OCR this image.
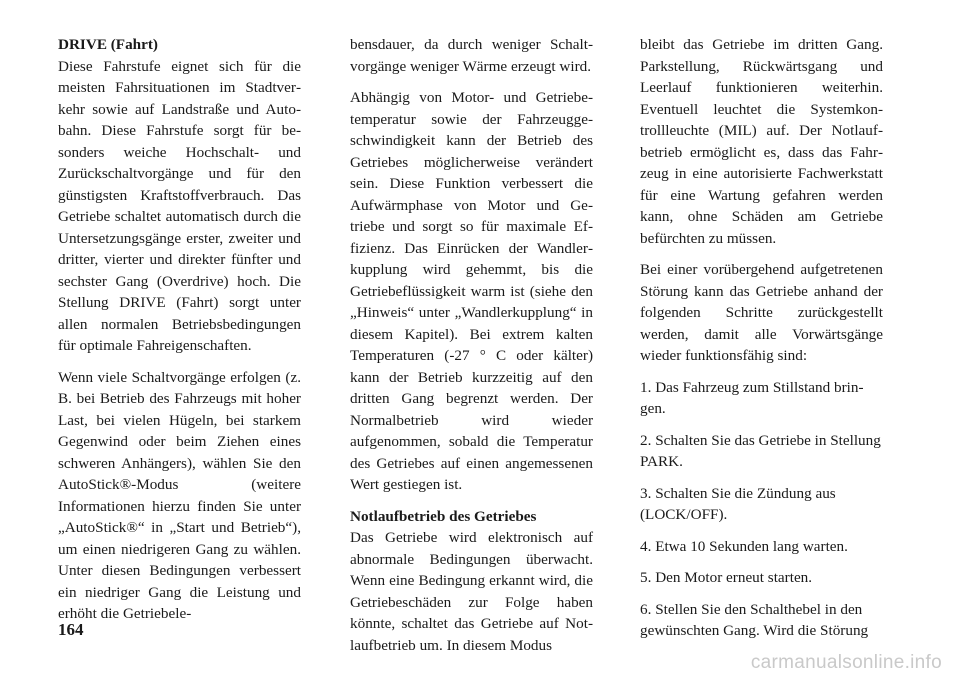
DRIVE (Fahrt)
Diese Fahrstufe eignet sich für die meisten Fahrsituationen im Stadtverkehr sowie auf Landstraße und Autobahn. Diese Fahrstufe sorgt für besonders weiche Hochschalt- und Zurückschaltvorgänge und für den günstigsten Kraftstoffverbrauch. Das Getriebe schaltet automatisch durch die Untersetzungsgänge erster, zweiter und dritter, vierter und direkter fünfter und sechster Gang (Overdrive) hoch. Die Stellung DRIVE (Fahrt) sorgt unter allen normalen Betriebsbedingungen für optimale Fahreigenschaften.

Wenn viele Schaltvorgänge erfolgen (z. B. bei Betrieb des Fahrzeugs mit hoher Last, bei vielen Hügeln, bei starkem Gegenwind oder beim Ziehen eines schweren Anhängers), wählen Sie den AutoStick®-Modus (weitere Informationen hierzu finden Sie unter „AutoStick®“ in „Start und Betrieb“), um einen niedrigeren Gang zu wählen. Unter diesen Bedingungen verbessert ein niedriger Gang die Leistung und erhöht die Getriebele-

bensdauer, da durch weniger Schaltvorgänge weniger Wärme erzeugt wird.

Abhängig von Motor- und Getriebetemperatur sowie der Fahrzeuggeschwindigkeit kann der Betrieb des Getriebes möglicherweise verändert sein. Diese Funktion verbessert die Aufwärmphase von Motor und Getriebe und sorgt so für maximale Effizienz. Das Einrücken der Wandlerkupplung wird gehemmt, bis die Getriebeflüssigkeit warm ist (siehe den „Hinweis“ unter „Wandlerkupplung“ in diesem Kapitel). Bei extrem kalten Temperaturen (-27 ° C oder kälter) kann der Betrieb kurzzeitig auf den dritten Gang begrenzt werden. Der Normalbetrieb wird wieder aufgenommen, sobald die Temperatur des Getriebes auf einen angemessenen Wert gestiegen ist.

Notlaufbetrieb des Getriebes
Das Getriebe wird elektronisch auf abnormale Bedingungen überwacht. Wenn eine Bedingung erkannt wird, die Getriebeschäden zur Folge haben könnte, schaltet das Getriebe auf Notlaufbetrieb um. In diesem Modus

bleibt das Getriebe im dritten Gang. Parkstellung, Rückwärtsgang und Leerlauf funktionieren weiterhin. Eventuell leuchtet die Systemkontrollleuchte (MIL) auf. Der Notlaufbetrieb ermöglicht es, dass das Fahrzeug in eine autorisierte Fachwerkstatt für eine Wartung gefahren werden kann, ohne Schäden am Getriebe befürchten zu müssen.

Bei einer vorübergehend aufgetretenen Störung kann das Getriebe anhand der folgenden Schritte zurückgestellt werden, damit alle Vorwärtsgänge wieder funktionsfähig sind:

1. Das Fahrzeug zum Stillstand bringen.

2. Schalten Sie das Getriebe in Stellung PARK.

3. Schalten Sie die Zündung aus (LOCK/OFF).

4. Etwa 10 Sekunden lang warten.

5. Den Motor erneut starten.

6. Stellen Sie den Schalthebel in den gewünschten Gang. Wird die Störung

164
carmanualsonline.info
